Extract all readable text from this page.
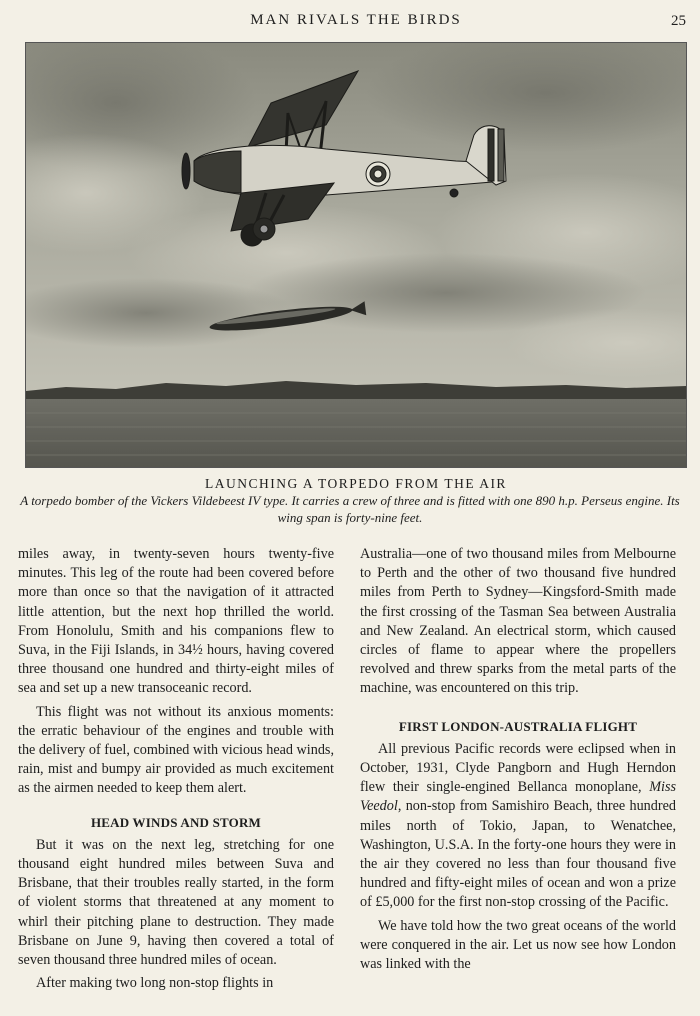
MAN RIVALS THE BIRDS	25
LAUNCHING A TORPEDO FROM THE AIR
A torpedo bomber of the Vickers Vildebeest IV type. It carries a crew of three and is fitted with one 890 h.p. Perseus engine. Its wing span is forty-nine feet.

miles away, in twenty-seven hours twenty-five minutes. This leg of the route had been covered before more than once so that the navigation of it attracted little attention, but the next hop thrilled the world. From Honolulu, Smith and his companions flew to Suva, in the Fiji Islands, in 34½ hours, having covered three thousand one hundred and thirty-eight miles of sea and set up a new transoceanic record.

This flight was not without its anxious moments: the erratic behaviour of the engines and trouble with the delivery of fuel, combined with vicious head winds, rain, mist and bumpy air provided as much excitement as the airmen needed to keep them alert.

HEAD WINDS AND STORM

But it was on the next leg, stretching for one thousand eight hundred miles between Suva and Brisbane, that their troubles really started, in the form of violent storms that threatened at any moment to whirl their pitching plane to destruction. They made Brisbane on June 9, having then covered a total of seven thousand three hundred miles of ocean.

After making two long non-stop flights in

Australia—one of two thousand miles from Melbourne to Perth and the other of two thousand five hundred miles from Perth to Sydney—Kingsford-Smith made the first crossing of the Tasman Sea between Australia and New Zealand. An electrical storm, which caused circles of flame to appear where the propellers revolved and threw sparks from the metal parts of the machine, was encountered on this trip.

FIRST LONDON-AUSTRALIA FLIGHT

All previous Pacific records were eclipsed when in October, 1931, Clyde Pangborn and Hugh Herndon flew their single-engined Bellanca monoplane, Miss Veedol, non-stop from Samishiro Beach, three hundred miles north of Tokio, Japan, to Wenatchee, Washington, U.S.A. In the forty-one hours they were in the air they covered no less than four thousand five hundred and fifty-eight miles of ocean and won a prize of £5,000 for the first non-stop crossing of the Pacific.

We have told how the two great oceans of the world were conquered in the air. Let us now see how London was linked with the
